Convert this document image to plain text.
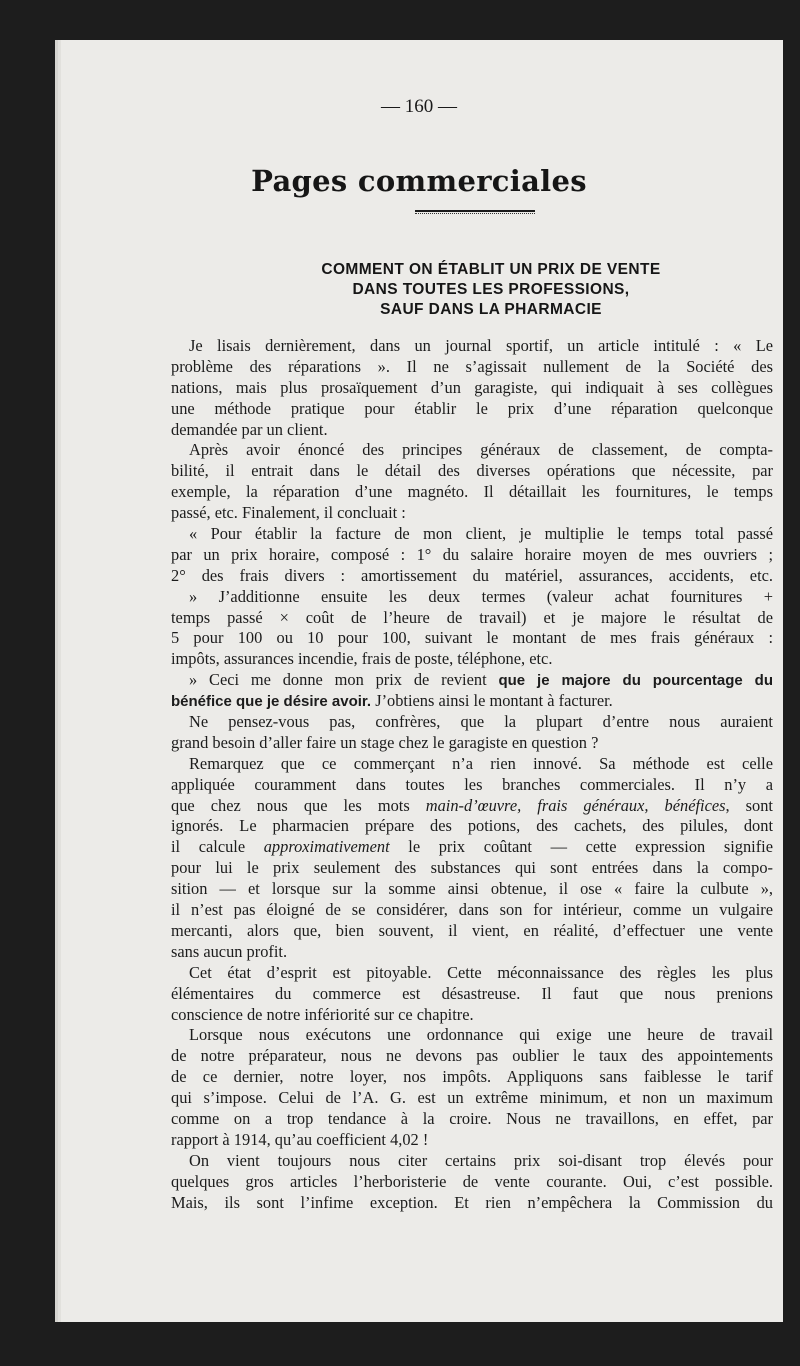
— 160 —
Pages commerciales
COMMENT ON ÉTABLIT UN PRIX DE VENTE
DANS TOUTES LES PROFESSIONS,
SAUF DANS LA PHARMACIE
Je lisais dernièrement, dans un journal sportif, un article intitulé : « Le
problème des réparations ». Il ne s’agissait nullement de la Société des
nations, mais plus prosaïquement d’un garagiste, qui indiquait à ses collègues
une méthode pratique pour établir le prix d’une réparation quelconque
demandée par un client.
Après avoir énoncé des principes généraux de classement, de compta-
bilité, il entrait dans le détail des diverses opérations que nécessite, par
exemple, la réparation d’une magnéto. Il détaillait les fournitures, le temps
passé, etc. Finalement, il concluait :
« Pour établir la facture de mon client, je multiplie le temps total passé
par un prix horaire, composé : 1° du salaire horaire moyen de mes ouvriers ;
2° des frais divers : amortissement du matériel, assurances, accidents, etc.
» J’additionne ensuite les deux termes (valeur achat fournitures +
temps passé × coût de l’heure de travail) et je majore le résultat de
5 pour 100 ou 10 pour 100, suivant le montant de mes frais généraux :
impôts, assurances incendie, frais de poste, téléphone, etc.
» Ceci me donne mon prix de revient que je majore du pourcentage du
bénéfice que je désire avoir. J’obtiens ainsi le montant à facturer.
Ne pensez-vous pas, confrères, que la plupart d’entre nous auraient
grand besoin d’aller faire un stage chez le garagiste en question ?
Remarquez que ce commerçant n’a rien innové. Sa méthode est celle
appliquée couramment dans toutes les branches commerciales. Il n’y a
que chez nous que les mots main-d’œuvre, frais généraux, bénéfices, sont
ignorés. Le pharmacien prépare des potions, des cachets, des pilules, dont
il calcule approximativement le prix coûtant — cette expression signifie
pour lui le prix seulement des substances qui sont entrées dans la compo-
sition — et lorsque sur la somme ainsi obtenue, il ose « faire la culbute »,
il n’est pas éloigné de se considérer, dans son for intérieur, comme un vulgaire
mercanti, alors que, bien souvent, il vient, en réalité, d’effectuer une vente
sans aucun profit.
Cet état d’esprit est pitoyable. Cette méconnaissance des règles les plus
élémentaires du commerce est désastreuse. Il faut que nous prenions
conscience de notre infériorité sur ce chapitre.
Lorsque nous exécutons une ordonnance qui exige une heure de travail
de notre préparateur, nous ne devons pas oublier le taux des appointements
de ce dernier, notre loyer, nos impôts. Appliquons sans faiblesse le tarif
qui s’impose. Celui de l’A. G. est un extrême minimum, et non un maximum
comme on a trop tendance à la croire. Nous ne travaillons, en effet, par
rapport à 1914, qu’au coefficient 4,02 !
On vient toujours nous citer certains prix soi-disant trop élevés pour
quelques gros articles l’herboristerie de vente courante. Oui, c’est possible.
Mais, ils sont l’infime exception. Et rien n’empêchera la Commission du
